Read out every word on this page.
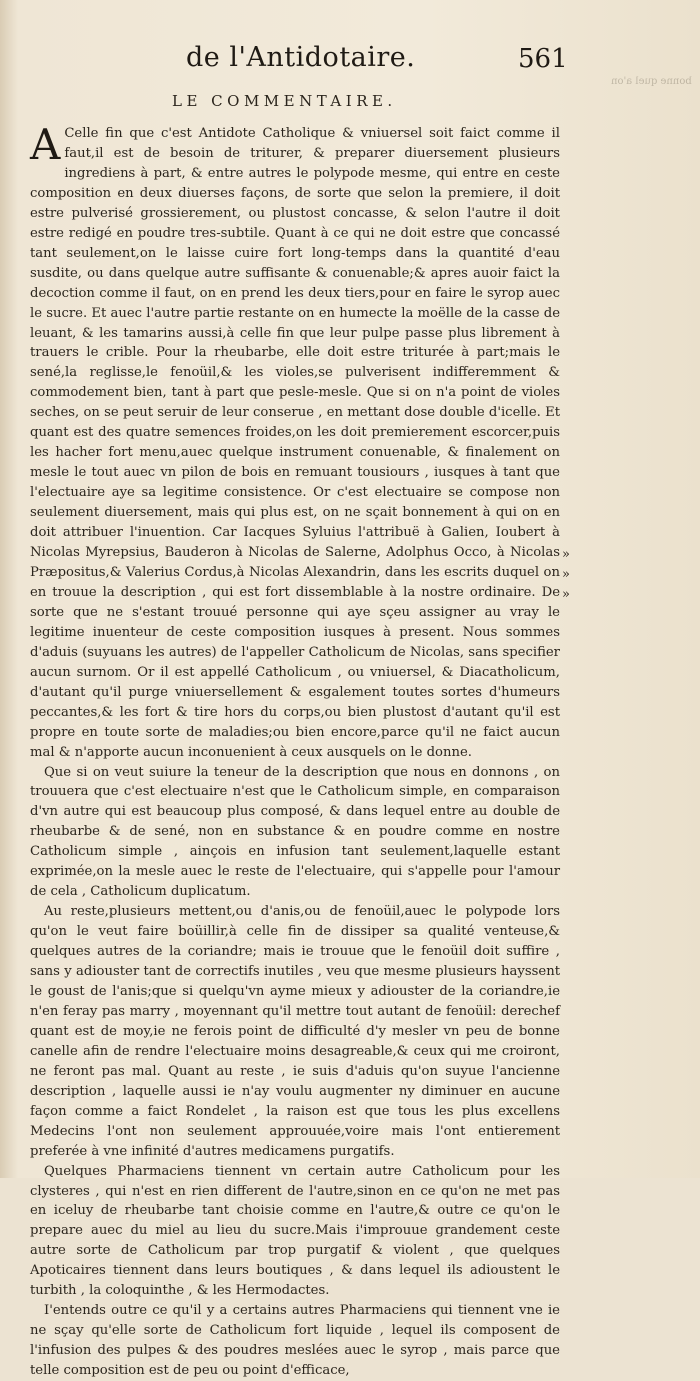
bonne quel a'on
de l'Antidotaire.	561
LE COMMENTAIRE.

A Celle fin que c'est Antidote Catholique & vniuersel soit faict comme il faut,il est de besoin de triturer, & preparer diuersement plusieurs ingrediens à part, & entre autres le polypode mesme, qui entre en ceste composition en deux diuerses façons, de sorte que selon la premiere, il doit estre pulverisé grossierement, ou plustost concasse, & selon l'autre il doit estre redigé en poudre tres-subtile. Quant à ce qui ne doit estre que concassé tant seulement,on le laisse cuire fort long-temps dans la quantité d'eau susdite, ou dans quelque autre suffisante & conuenable;& apres auoir faict la decoction comme il faut, on en prend les deux tiers,pour en faire le syrop auec le sucre. Et auec l'autre partie restante on en humecte la moëlle de la casse de leuant, & les tamarins aussi,à celle fin que leur pulpe passe plus librement à trauers le crible. Pour la rheubarbe, elle doit estre triturée à part;mais le sené,la reglisse,le fenoüil,& les violes,se pulverisent indifferemment & commodement bien, tant à part que pesle-mesle. Que si on n'a point de violes seches, on se peut seruir de leur conserue , en mettant dose double d'icelle. Et quant est des quatre semences froides,on les doit premierement escorcer,puis les hacher fort menu,auec quelque instrument conuenable, & finalement on mesle le tout auec vn pilon de bois en remuant tousiours , iusques à tant que l'electuaire aye sa legitime consistence. Or c'est electuaire se compose non seulement diuersement, mais qui plus est, on ne sçait bonnement à qui on en doit attribuer l'inuention. Car Iacques Syluius l'attribuë à Galien, Ioubert à Nicolas Myrepsius, Bauderon à Nicolas de Salerne, Adolphus Occo, à Nicolas Præpositus,& Valerius Cordus,à Nicolas Alexandrin, dans les escrits duquel on en trouue la description , qui est fort dissemblable à la nostre ordinaire. De sorte que ne s'estant trouué personne qui aye sçeu assigner au vray le legitime inuenteur de ceste composition iusques à present. Nous sommes d'aduis (suyuans les autres) de l'appeller Catholicum de Nicolas, sans specifier aucun surnom. Or il est appellé Catholicum , ou vniuersel, & Diacatholicum, d'autant qu'il purge vniuersellement & esgalement toutes sortes d'humeurs peccantes,& les fort & tire hors du corps,ou bien plustost d'autant qu'il est propre en toute sorte de maladies;ou bien encore,parce qu'il ne faict aucun mal & n'apporte aucun inconuenient à ceux ausquels on le donne.

Que si on veut suiure la teneur de la description que nous en donnons , on trouuera que c'est electuaire n'est que le Catholicum simple, en comparaison d'vn autre qui est beaucoup plus composé, & dans lequel entre au double de rheubarbe & de sené, non en substance & en poudre comme en nostre Catholicum simple , ainçois en infusion tant seulement,laquelle estant exprimée,on la mesle auec le reste de l'electuaire, qui s'appelle pour l'amour de cela , Catholicum duplicatum.

Au reste,plusieurs mettent,ou d'anis,ou de fenoüil,auec le polypode lors qu'on le veut faire boüillir,à celle fin de dissiper sa qualité venteuse,& quelques autres de la coriandre; mais ie trouue que le fenoüil doit suffire , sans y adiouster tant de correctifs inutiles , veu que mesme plusieurs hayssent le goust de l'anis;que si quelqu'vn ayme mieux y adiouster de la coriandre,ie n'en feray pas marry , moyennant qu'il mettre tout autant de fenoüil: derechef quant est de moy,ie ne ferois point de difficulté d'y mesler vn peu de bonne canelle afin de rendre l'electuaire moins desagreable,& ceux qui me croiront, ne feront pas mal. Quant au reste , ie suis d'aduis qu'on suyue l'ancienne description , laquelle aussi ie n'ay voulu augmenter ny diminuer en aucune façon comme a faict Rondelet , la raison est que tous les plus excellens Medecins l'ont non seulement approuuée,voire mais l'ont entierement preferée à vne infinité d'autres medicamens purgatifs.

Quelques Pharmaciens tiennent vn certain autre Catholicum pour les clysteres , qui n'est en rien different de l'autre,sinon en ce qu'on ne met pas en iceluy de rheubarbe tant choisie comme en l'autre,& outre ce qu'on le prepare auec du miel au lieu du sucre.Mais i'improuue grandement ceste autre sorte de Catholicum par trop purgatif & violent , que quelques Apoticaires tiennent dans leurs boutiques , & dans lequel ils adioustent le turbith , la coloquinthe , & les Hermodactes.

I'entends outre ce qu'il y a certains autres Pharmaciens qui tiennent vne ie ne sçay qu'elle sorte de Catholicum fort liquide , lequel ils composent de l'infusion des pulpes & des poudres meslées auec le syrop , mais parce que telle composition est de peu ou point d'efficace,

»
»
»
